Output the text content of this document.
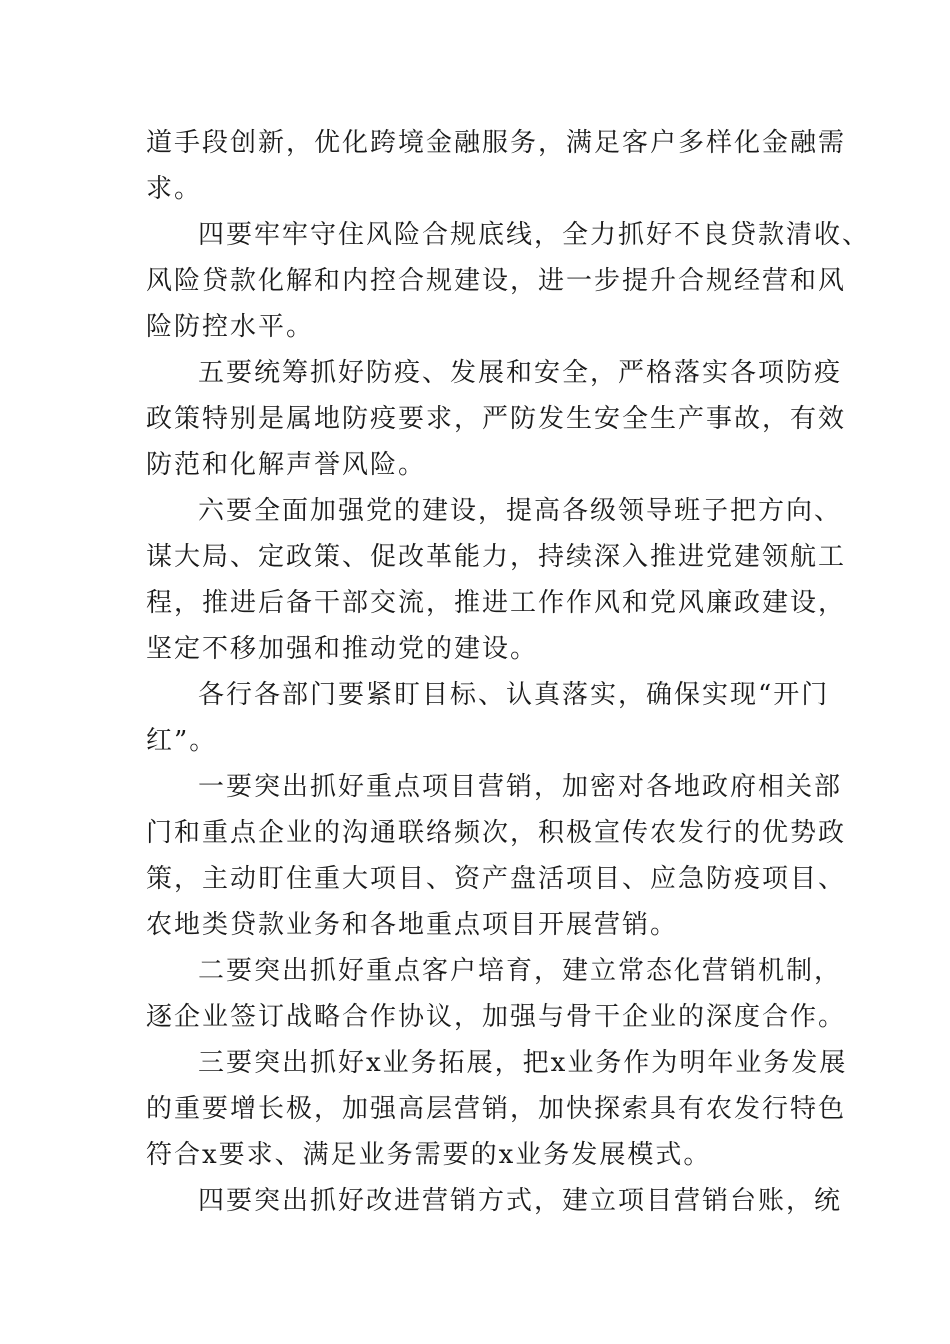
道手段创新，优化跨境金融服务，满足客户多样化金融需
求。
四要牢牢守住风险合规底线，全力抓好不良贷款清收、
风险贷款化解和内控合规建设，进一步提升合规经营和风
险防控水平。
五要统筹抓好防疫、发展和安全，严格落实各项防疫
政策特别是属地防疫要求，严防发生安全生产事故，有效
防范和化解声誉风险。
六要全面加强党的建设，提高各级领导班子把方向、
谋大局、定政策、促改革能力，持续深入推进党建领航工
程，推进后备干部交流，推进工作作风和党风廉政建设，
坚定不移加强和推动党的建设。
各行各部门要紧盯目标、认真落实，确保实现“开门
红”。
一要突出抓好重点项目营销，加密对各地政府相关部
门和重点企业的沟通联络频次，积极宣传农发行的优势政
策，主动盯住重大项目、资产盘活项目、应急防疫项目、
农地类贷款业务和各地重点项目开展营销。
二要突出抓好重点客户培育，建立常态化营销机制，
逐企业签订战略合作协议，加强与骨干企业的深度合作。
三要突出抓好x业务拓展，把x业务作为明年业务发展
的重要增长极，加强高层营销，加快探索具有农发行特色
符合x要求、满足业务需要的x业务发展模式。
四要突出抓好改进营销方式，建立项目营销台账，统
